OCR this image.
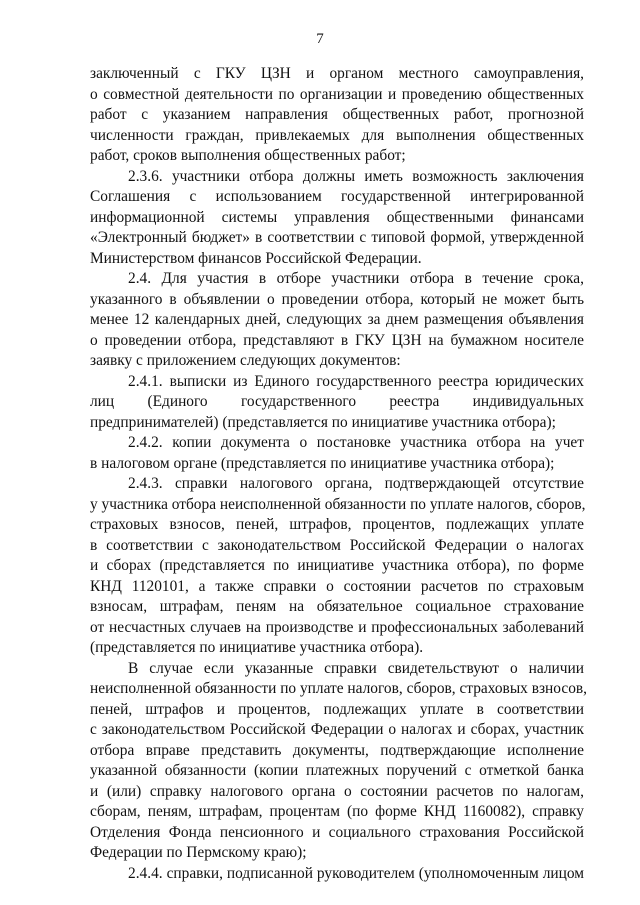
7
заключенный с ГКУ ЦЗН и органом местного самоуправления,
о совместной деятельности по организации и проведению общественных
работ с указанием направления общественных работ, прогнозной
численности граждан, привлекаемых для выполнения общественных
работ, сроков выполнения общественных работ;
2.3.6. участники отбора должны иметь возможность заключения
Соглашения с использованием государственной интегрированной
информационной системы управления общественными финансами
«Электронный бюджет» в соответствии с типовой формой, утвержденной
Министерством финансов Российской Федерации.
2.4. Для участия в отборе участники отбора в течение срока,
указанного в объявлении о проведении отбора, который не может быть
менее 12 календарных дней, следующих за днем размещения объявления
о проведении отбора, представляют в ГКУ ЦЗН на бумажном носителе
заявку с приложением следующих документов:
2.4.1. выписки из Единого государственного реестра юридических
лиц (Единого государственного реестра индивидуальных
предпринимателей) (представляется по инициативе участника отбора);
2.4.2. копии документа о постановке участника отбора на учет
в налоговом органе (представляется по инициативе участника отбора);
2.4.3. справки налогового органа, подтверждающей отсутствие
у участника отбора неисполненной обязанности по уплате налогов, сборов,
страховых взносов, пеней, штрафов, процентов, подлежащих уплате
в соответствии с законодательством Российской Федерации о налогах
и сборах (представляется по инициативе участника отбора), по форме
КНД 1120101, а также справки о состоянии расчетов по страховым
взносам, штрафам, пеням на обязательное социальное страхование
от несчастных случаев на производстве и профессиональных заболеваний
(представляется по инициативе участника отбора).
В случае если указанные справки свидетельствуют о наличии
неисполненной обязанности по уплате налогов, сборов, страховых взносов,
пеней, штрафов и процентов, подлежащих уплате в соответствии
с законодательством Российской Федерации о налогах и сборах, участник
отбора вправе представить документы, подтверждающие исполнение
указанной обязанности (копии платежных поручений с отметкой банка
и (или) справку налогового органа о состоянии расчетов по налогам,
сборам, пеням, штрафам, процентам (по форме КНД 1160082), справку
Отделения Фонда пенсионного и социального страхования Российской
Федерации по Пермскому краю);
2.4.4. справки, подписанной руководителем (уполномоченным лицом
